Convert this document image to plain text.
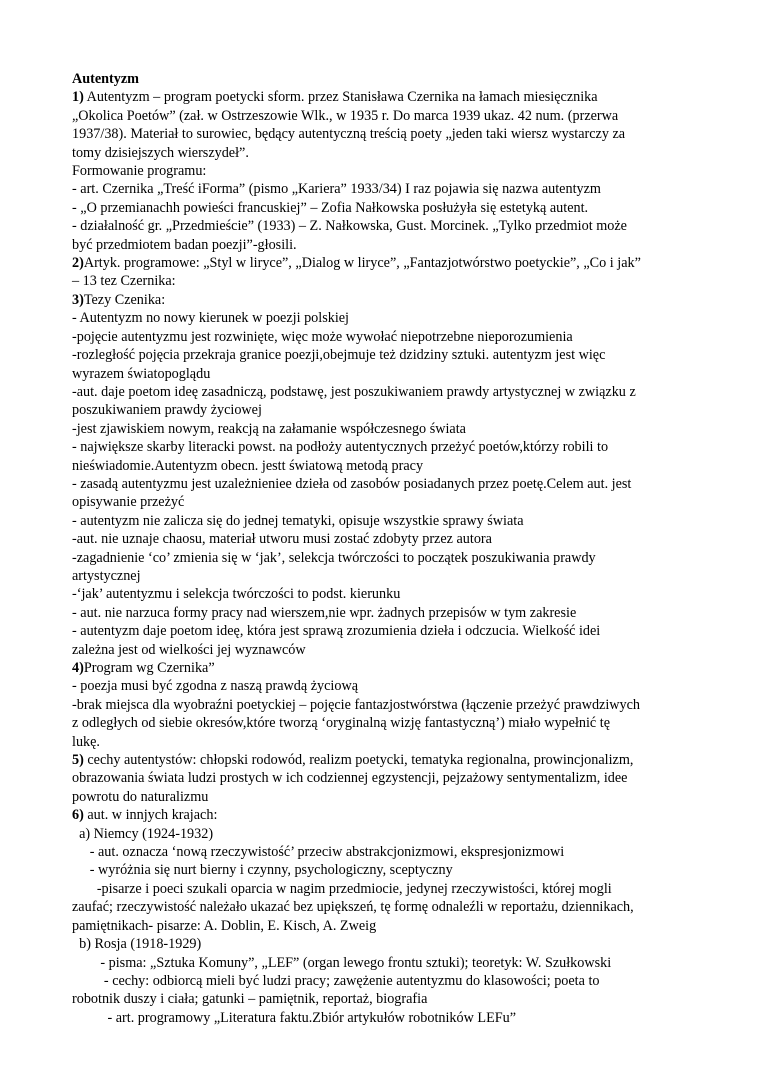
Autentyzm
1) Autentyzm – program poetycki sform. przez Stanisława Czernika na łamach miesięcznika
„Okolica Poetów” (zał. w Ostrzeszowie Wlk., w 1935 r. Do marca 1939 ukaz. 42 num. (przerwa
1937/38). Materiał to surowiec, będący autentyczną treścią poety „jeden taki wiersz wystarczy za
tomy dzisiejszych wierszydeł”.
Formowanie programu:
- art. Czernika „Treść iForma” (pismo „Kariera” 1933/34) I raz pojawia się nazwa autentyzm
- „O przemianachh powieści francuskiej” – Zofia Nałkowska posłużyła się estetyką autent.
- działalność gr. „Przedmieście” (1933) – Z. Nałkowska, Gust. Morcinek. „Tylko przedmiot może
być przedmiotem badan poezji”-głosili.
2)Artyk. programowe: „Styl w liryce”, „Dialog w liryce”, „Fantazjotwórstwo poetyckie”, „Co i jak”
– 13 tez Czernika:
3)Tezy Czenika:
- Autentyzm no nowy kierunek w poezji polskiej
-pojęcie autentyzmu jest rozwinięte, więc może wywołać niepotrzebne nieporozumienia
-rozległość pojęcia przekraja granice poezji,obejmuje też dzidziny sztuki. autentyzm jest więc
wyrazem światopoglądu
-aut. daje poetom ideę zasadniczą, podstawę, jest poszukiwaniem prawdy artystycznej w związku z
poszukiwaniem prawdy życiowej
-jest zjawiskiem nowym, reakcją na załamanie współczesnego świata
- największe skarby literacki powst. na podłoży autentycznych przeżyć poetów,którzy robili to
nieświadomie.Autentyzm obecn. jestt światową metodą pracy
- zasadą autentyzmu jest uzależnieniee dzieła od zasobów posiadanych przez poetę.Celem aut. jest
opisywanie przeżyć
- autentyzm nie zalicza się do jednej tematyki, opisuje wszystkie sprawy świata
-aut. nie uznaje chaosu, materiał utworu musi zostać zdobyty przez autora
-zagadnienie ‘co’ zmienia się w ‘jak’, selekcja twórczości to początek poszukiwania prawdy
artystycznej
-‘jak’ autentyzmu i selekcja twórczości to podst. kierunku
- aut. nie narzuca formy pracy nad wierszem,nie wpr. żadnych przepisów w tym zakresie
- autentyzm daje poetom ideę, która jest sprawą zrozumienia dzieła i odczucia. Wielkość idei
zależna jest od wielkości jej wyznawców
4)Program wg Czernika”
- poezja musi być zgodna z naszą prawdą życiową
-brak miejsca dla wyobraźni poetyckiej – pojęcie fantazjostwórstwa (łączenie przeżyć prawdziwych
z odległych od siebie okresów,które tworzą ‘oryginalną wizję fantastyczną’) miało wypełnić tę
lukę.
5) cechy autentystów: chłopski rodowód, realizm poetycki, tematyka regionalna, prowincjonalizm,
obrazowania świata ludzi prostych w ich codziennej egzystencji, pejzażowy sentymentalizm, idee
powrotu do naturalizmu
6) aut. w innjych krajach:
a) Niemcy (1924-1932)
- aut. oznacza ‘nową rzeczywistość’ przeciw abstrakcjonizmowi, ekspresjonizmowi
- wyróżnia się nurt bierny i czynny, psychologiczny, sceptyczny
-pisarze i poeci szukali oparcia w nagim przedmiocie, jedynej rzeczywistości, której mogli
zaufać; rzeczywistość należało ukazać bez upiększeń, tę formę odnaleźli w reportażu, dziennikach,
pamiętnikach- pisarze: A. Doblin, E. Kisch, A. Zweig
b) Rosja (1918-1929)
- pisma: „Sztuka Komuny”, „LEF” (organ lewego frontu sztuki); teoretyk: W. Szułkowski
- cechy: odbiorcą mieli być ludzi pracy; zawężenie autentyzmu do klasowości; poeta to
robotnik duszy i ciała; gatunki – pamiętnik, reportaż, biografia
- art. programowy „Literatura faktu.Zbiór artykułów robotników LEFu”
